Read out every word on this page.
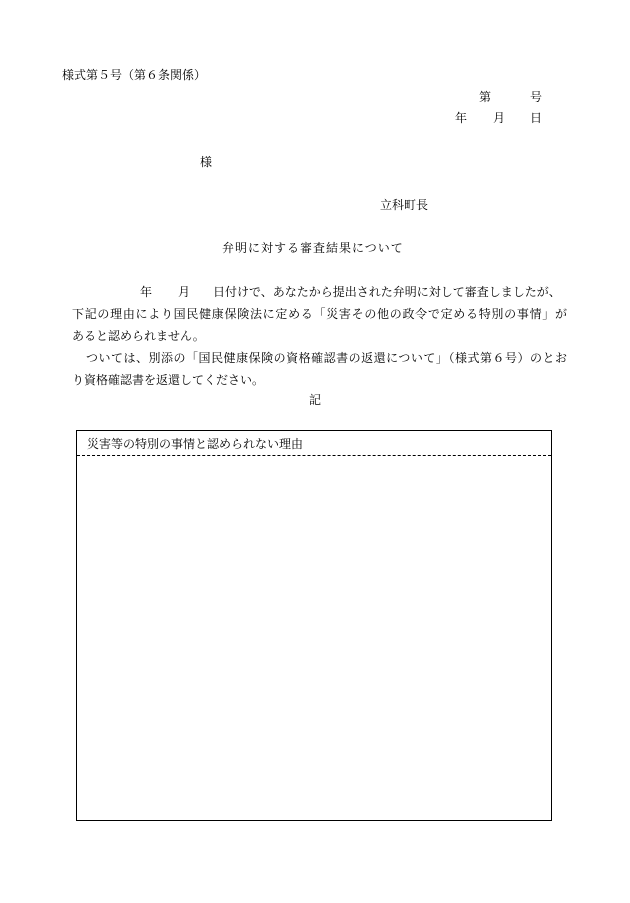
様式第５号（第６条関係）
第	号
年 月 日
様
立科町長
弁明に対する審査結果について
年 月 日付けで、あなたから提出された弁明に対して審査しましたが、
下記の理由により国民健康保険法に定める「災害その他の政令で定める特別の事情」が
あると認められません。
ついては、別添の「国民健康保険の資格確認書の返還について」（様式第６号）のとお
り資格確認書を返還してください。
記
災害等の特別の事情と認められない理由
